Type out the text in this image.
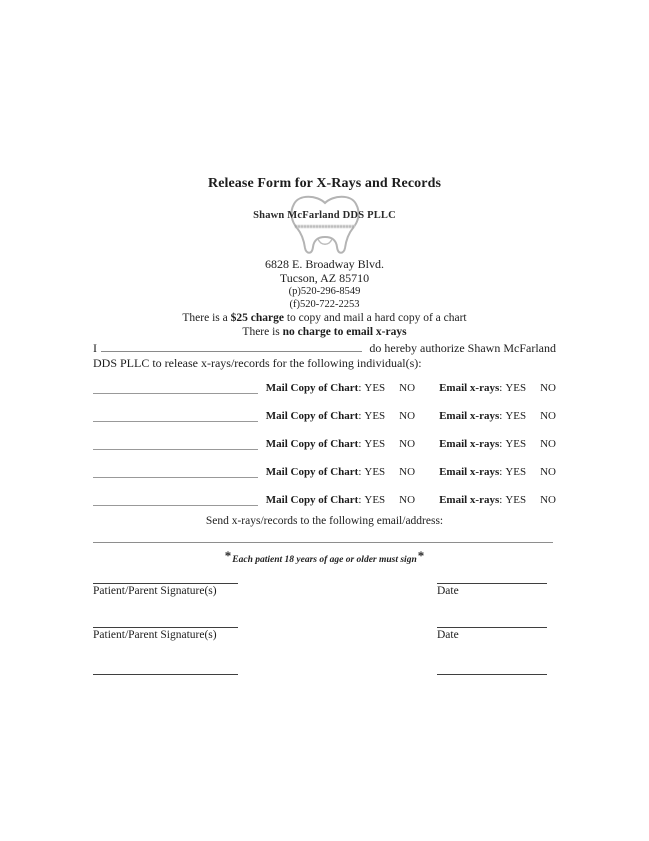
Release Form for X-Rays and Records
Shawn McFarland DDS PLLC
6828 E. Broadway Blvd.
Tucson, AZ 85710
(p)520-296-8549
(f)520-722-2253
There is a $25 charge to copy and mail a hard copy of a chart
There is no charge to email x-rays
I	do hereby authorize Shawn McFarland
DDS PLLC to release x-rays/records for the following individual(s):
Mail Copy of Chart: YES NO Email x-rays: YES NO
Mail Copy of Chart: YES NO Email x-rays: YES NO
Mail Copy of Chart: YES NO Email x-rays: YES NO
Mail Copy of Chart: YES NO Email x-rays: YES NO
Mail Copy of Chart: YES NO Email x-rays: YES NO
Send x-rays/records to the following email/address:
*Each patient 18 years of age or older must sign*
Patient/Parent Signature(s)	Date
Patient/Parent Signature(s)	Date
